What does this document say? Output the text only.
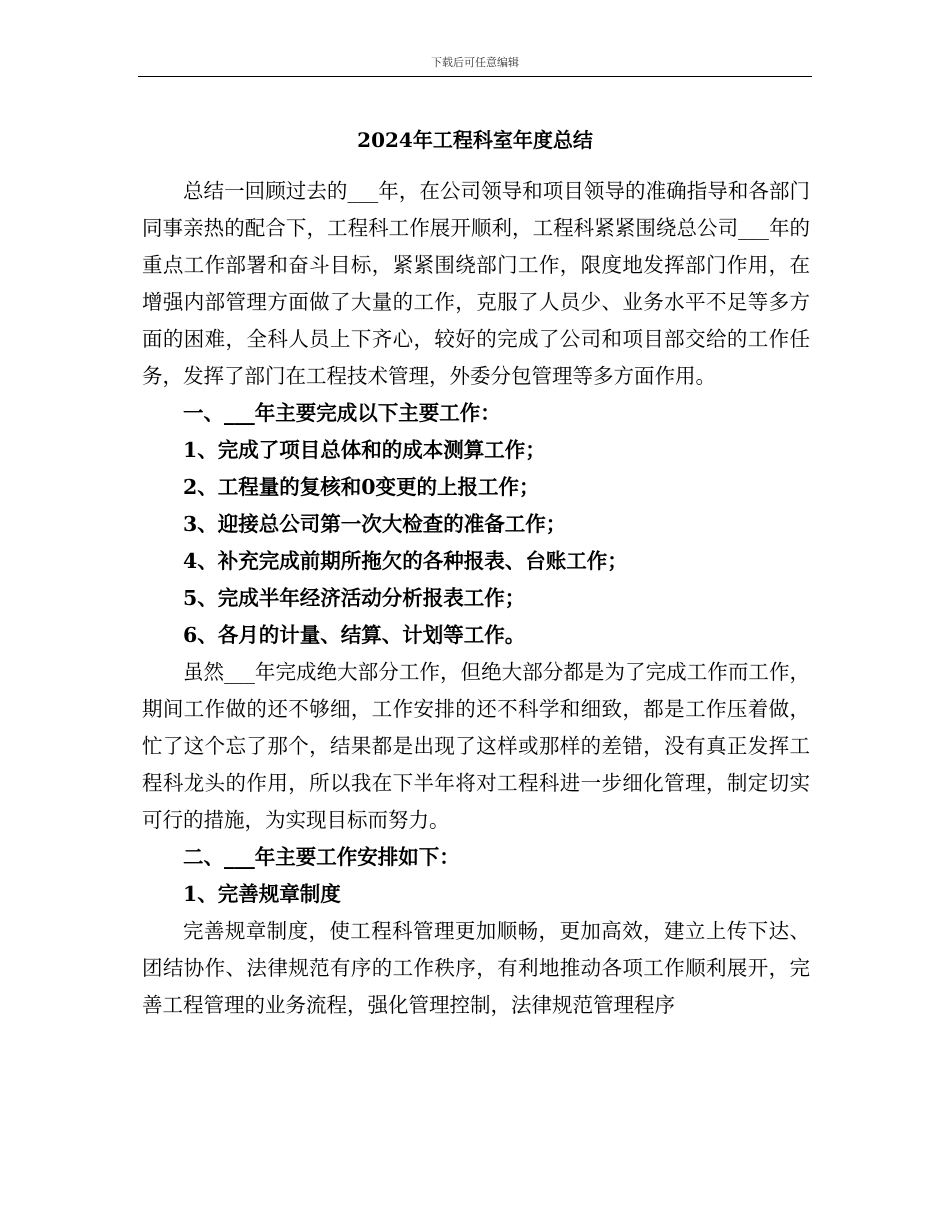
下载后可任意编辑
2024年工程科室年度总结

总结一回顾过去的___年，在公司领导和项目领导的准确指导和各部门同事亲热的配合下，工程科工作展开顺利，工程科紧紧围绕总公司___年的重点工作部署和奋斗目标，紧紧围绕部门工作，限度地发挥部门作用，在增强内部管理方面做了大量的工作，克服了人员少、业务水平不足等多方面的困难，全科人员上下齐心，较好的完成了公司和项目部交给的工作任务，发挥了部门在工程技术管理，外委分包管理等多方面作用。

一、___年主要完成以下主要工作：

1、完成了项目总体和的成本测算工作；

2、工程量的复核和0变更的上报工作；

3、迎接总公司第一次大检查的准备工作；

4、补充完成前期所拖欠的各种报表、台账工作；

5、完成半年经济活动分析报表工作；

6、各月的计量、结算、计划等工作。

虽然___年完成绝大部分工作，但绝大部分都是为了完成工作而工作，期间工作做的还不够细，工作安排的还不科学和细致，都是工作压着做，忙了这个忘了那个，结果都是出现了这样或那样的差错，没有真正发挥工程科龙头的作用，所以我在下半年将对工程科进一步细化管理，制定切实可行的措施，为实现目标而努力。

二、___年主要工作安排如下：

1、完善规章制度

完善规章制度，使工程科管理更加顺畅，更加高效，建立上传下达、团结协作、法律规范有序的工作秩序，有利地推动各项工作顺利展开，完善工程管理的业务流程，强化管理控制，法律规范管理程序
